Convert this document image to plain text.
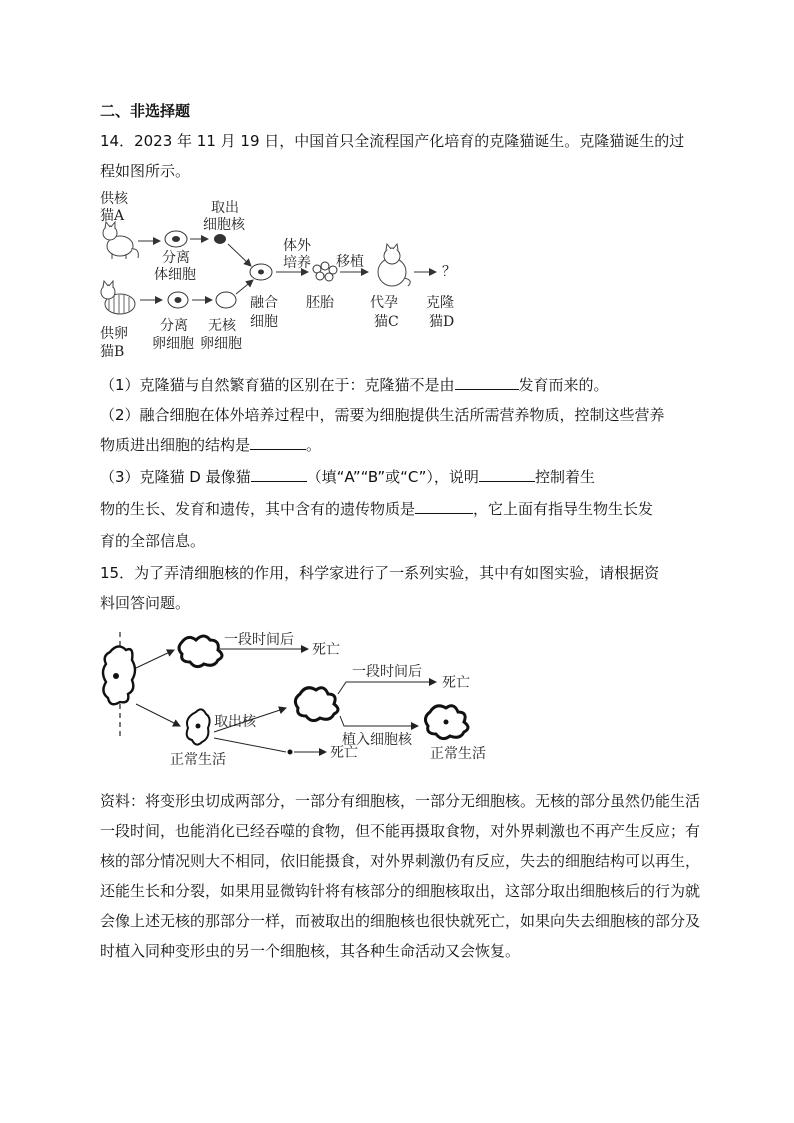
二、非选择题
14．2023 年 11 月 19 日，中国首只全流程国产化培育的克隆猫诞生。克隆猫诞生的过
程如图所示。
供核
猫A	取出
细胞核
分离
体细胞
体外
培养 移植
？
供卵
猫B
分离
卵细胞
无核
卵细胞
融合
细胞
胚胎	代孕
猫C
克隆
猫D
（1）克隆猫与自然繁育猫的区别在于：克隆猫不是由	发育而来的。
（2）融合细胞在体外培养过程中，需要为细胞提供生活所需营养物质，控制这些营养
物质进出细胞的结构是	。
（3）克隆猫 D 最像猫	（填“A”“B”或“C”），说明	控制着生
物的生长、发育和遗传，其中含有的遗传物质是	，它上面有指导生物生长发
育的全部信息。
15．为了弄清细胞核的作用，科学家进行了一系列实验，其中有如图实验，请根据资
料回答问题。
一段时间后
死亡
取出核
正常生活	死亡
一段时间后
死亡
植入细胞核
正常生活
资料：将变形虫切成两部分，一部分有细胞核，一部分无细胞核。无核的部分虽然仍能生活一段时间，也能消化已经吞噬的食物，但不能再摄取食物，对外界刺激也不再产生反应；有核的部分情况则大不相同，依旧能摄食，对外界刺激仍有反应，失去的细胞结构可以再生，还能生长和分裂，如果用显微钩针将有核部分的细胞核取出，这部分取出细胞核后的行为就会像上述无核的那部分一样，而被取出的细胞核也很快就死亡，如果向失去细胞核的部分及时植入同种变形虫的另一个细胞核，其各种生命活动又会恢复。
